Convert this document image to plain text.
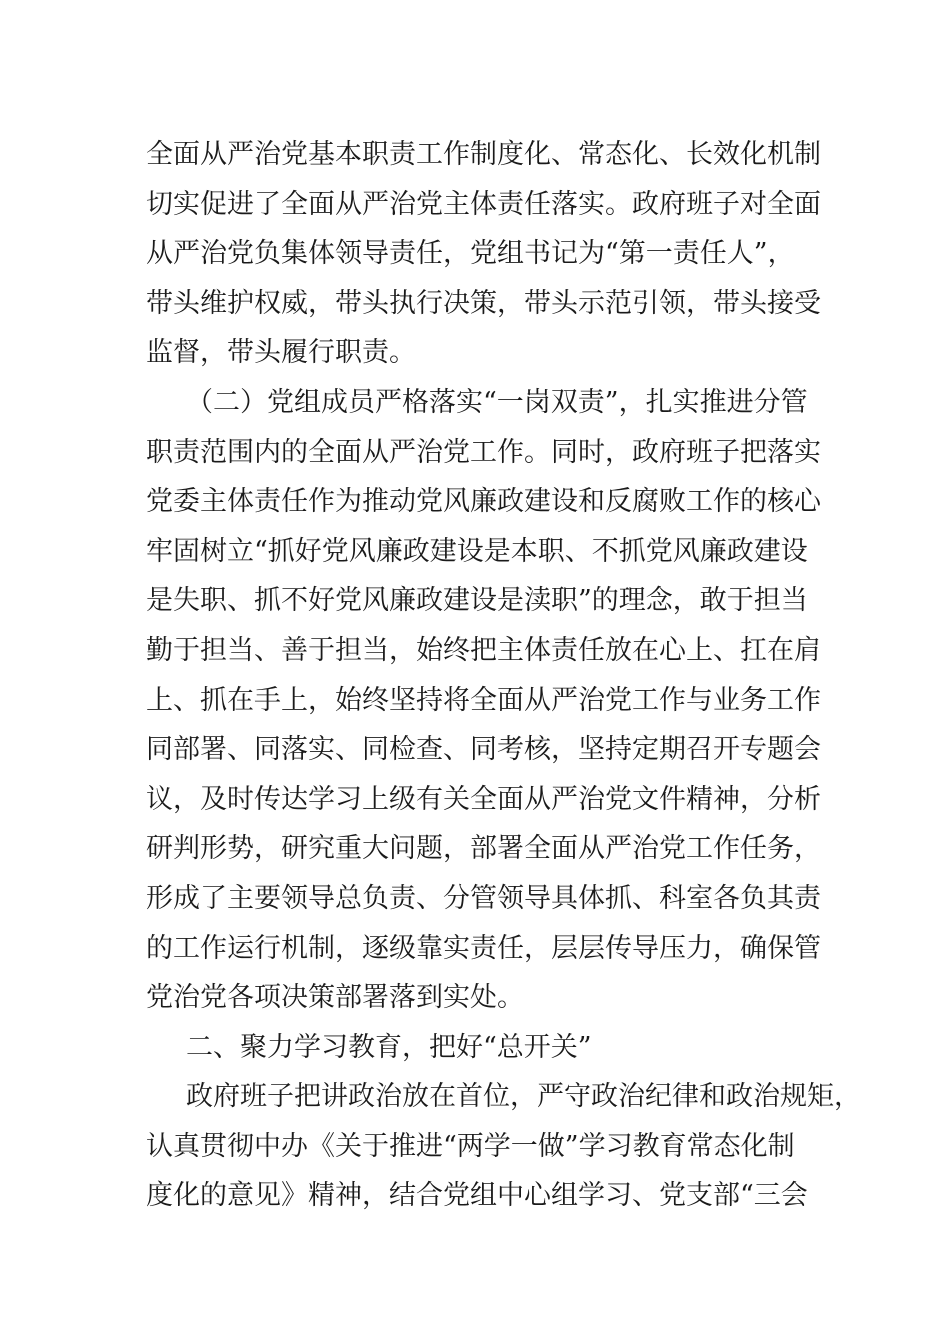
全面从严治党基本职责工作制度化、常态化、长效化机制
切实促进了全面从严治党主体责任落实。政府班子对全面
从严治党负集体领导责任，党组书记为“第一责任人”，
带头维护权威，带头执行决策，带头示范引领，带头接受
监督，带头履行职责。
（二）党组成员严格落实“一岗双责”，扎实推进分管
职责范围内的全面从严治党工作。同时，政府班子把落实
党委主体责任作为推动党风廉政建设和反腐败工作的核心
牢固树立“抓好党风廉政建设是本职、不抓党风廉政建设
是失职、抓不好党风廉政建设是渎职”的理念，敢于担当
勤于担当、善于担当，始终把主体责任放在心上、扛在肩
上、抓在手上，始终坚持将全面从严治党工作与业务工作
同部署、同落实、同检查、同考核，坚持定期召开专题会
议，及时传达学习上级有关全面从严治党文件精神，分析
研判形势，研究重大问题，部署全面从严治党工作任务，
形成了主要领导总负责、分管领导具体抓、科室各负其责
的工作运行机制，逐级靠实责任，层层传导压力，确保管
党治党各项决策部署落到实处。
二、聚力学习教育，把好“总开关”
政府班子把讲政治放在首位，严守政治纪律和政治规矩，
认真贯彻中办《关于推进“两学一做”学习教育常态化制
度化的意见》精神，结合党组中心组学习、党支部“三会
